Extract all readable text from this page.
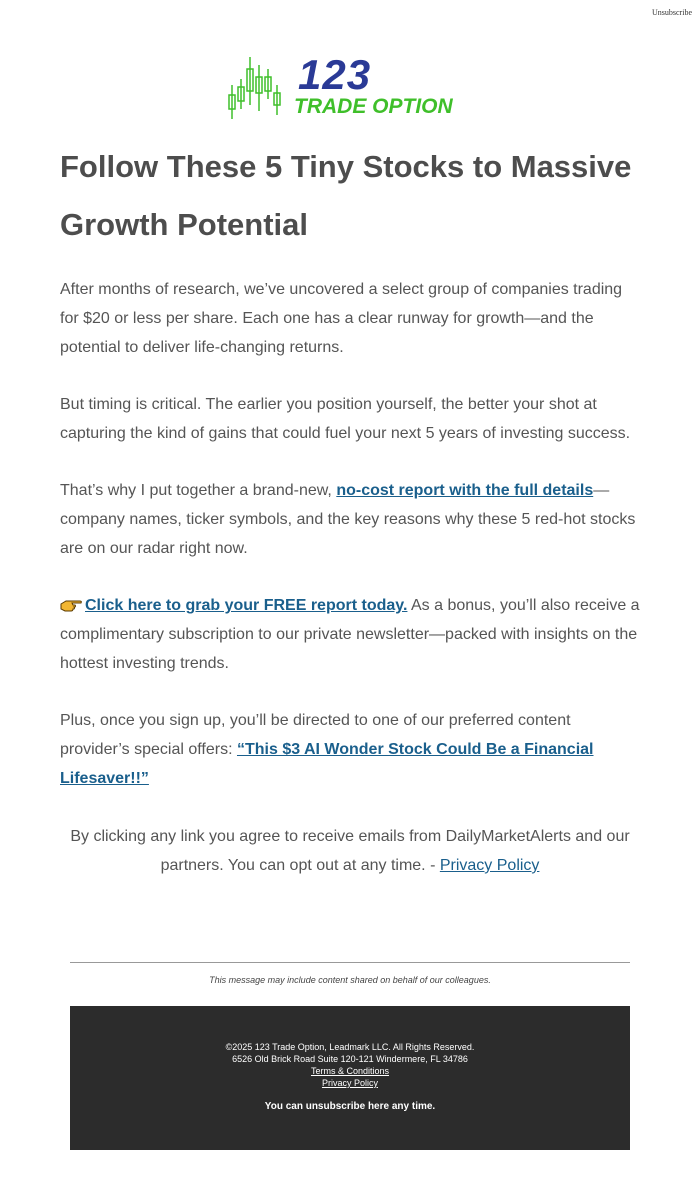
Unsubscribe
123
TRADE OPTION
Follow These 5 Tiny Stocks to Massive Growth Potential

After months of research, we’ve uncovered a select group of companies trading for $20 or less per share. Each one has a clear runway for growth—and the potential to deliver life-changing returns.

But timing is critical. The earlier you position yourself, the better your shot at capturing the kind of gains that could fuel your next 5 years of investing success.

That’s why I put together a brand-new, no-cost report with the full details—company names, ticker symbols, and the key reasons why these 5 red-hot stocks are on our radar right now.

Click here to grab your FREE report today. As a bonus, you’ll also receive a complimentary subscription to our private newsletter—packed with insights on the hottest investing trends.

Plus, once you sign up, you’ll be directed to one of our preferred content provider’s special offers: “This $3 AI Wonder Stock Could Be a Financial Lifesaver!!”

By clicking any link you agree to receive emails from DailyMarketAlerts and our partners. You can opt out at any time. - Privacy Policy
This message may include content shared on behalf of our colleagues.
©2025 123 Trade Option, Leadmark LLC. All Rights Reserved.
6526 Old Brick Road Suite 120-121 Windermere, FL 34786
Terms & Conditions
Privacy Policy
You can unsubscribe here any time.
